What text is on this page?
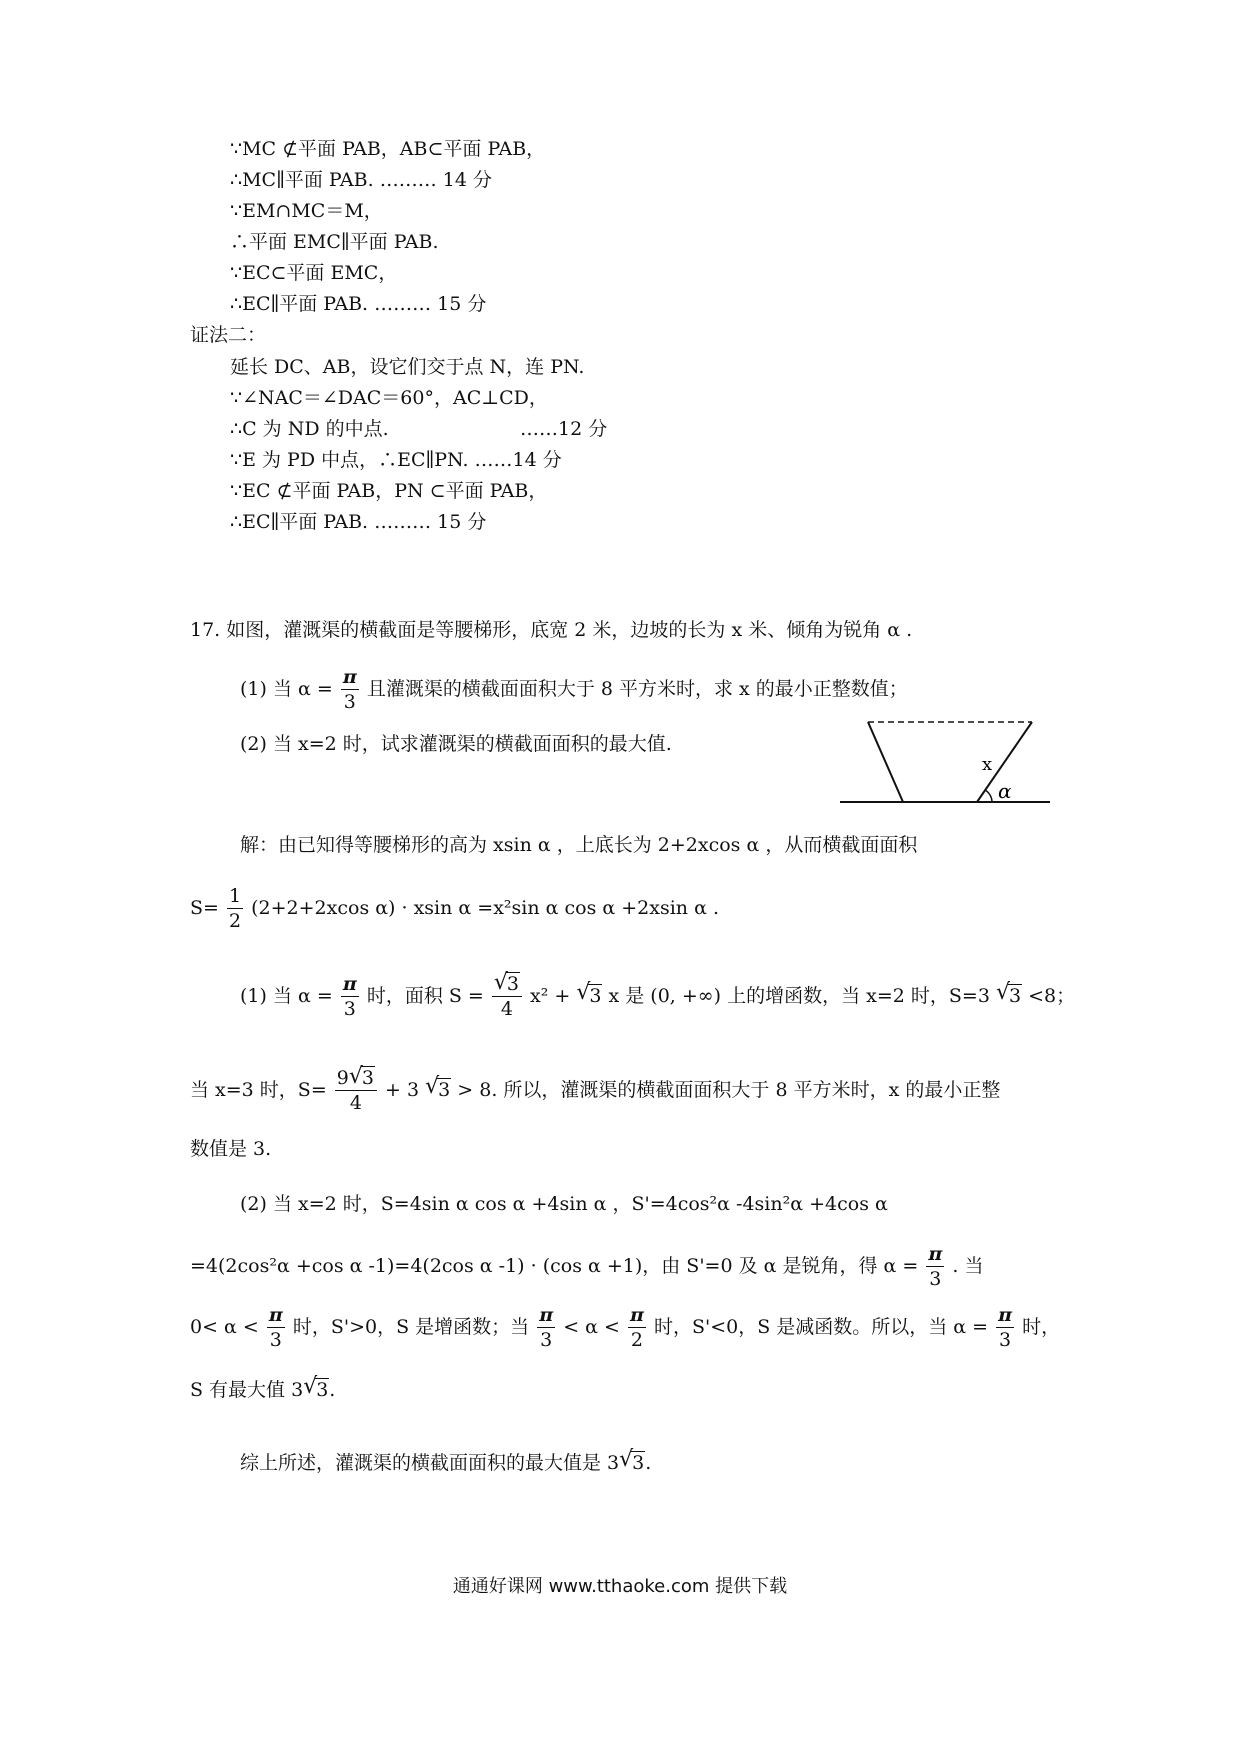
∵MC ⊄平面 PAB，AB⊂平面 PAB，
∴MC∥平面 PAB. ……… 14 分
∵EM∩MC＝M，
∴平面 EMC∥平面 PAB.
∵EC⊂平面 EMC，
∴EC∥平面 PAB. ……… 15 分
证法二：
延长 DC、AB，设它们交于点 N，连 PN.
∵∠NAC＝∠DAC＝60°，AC⊥CD，
∴C 为 ND 的中点.	……12 分
∵E 为 PD 中点，∴EC∥PN. ……14 分
∵EC ⊄平面 PAB，PN ⊂平面 PAB，
∴EC∥平面 PAB. ……… 15 分
17. 如图，灌溉渠的横截面是等腰梯形，底宽 2 米，边坡的长为 x 米、倾角为锐角 α .
(1) 当 $\alpha = \frac{\pi}{3}$ 且灌溉渠的横截面面积大于 8 平方米时，求 x 的最小正整数值；
(2) 当 x=2 时，试求灌溉渠的横截面面积的最大值.
x
α
解：由已知得等腰梯形的高为 xsin α ，上底长为 2+2xcos α ，从而横截面面积
$S= \frac{1}{2} (2+2+2xcos$ α) · xsin α =x²sin α cos α +2xsin α .
(1) 当 $\alpha = \frac{\pi}{3}$ 时，面积 S = √
3
4 x² + √
3 x 是 (0, +∞) 上的增函数，当 x=2 时，S=3 √
3 <8；
当 x=3 时，S= 9 √
3
4 + 3 √
3 > 8. 所以，灌溉渠的横截面面积大于 8 平方米时，x 的最小正整
数值是 3.
(2) 当 x=2 时，S=4sin α cos α +4sin α ，S'=4cos²α -4sin²α +4cos α
=4(2cos²α +cos α -1)=4(2cos α -1) · (cos α +1)，由 S'=0 及 α 是锐角，得 $\alpha = \frac{\pi}{3}$ . 当
$0< \alpha < \frac{\pi}{3}$ 时，S'>0，S 是增函数；当 $\frac{\pi}{3} < \alpha < \frac{\pi}{2}$ 时，S'<0，S 是减函数。所以，当 $\alpha = \frac{\pi}{3}$ 时，
S 有最大值 3 √
3.
综上所述，灌溉渠的横截面面积的最大值是 3 √
3.
通通好课网 www.tthaoke.com 提供下载
